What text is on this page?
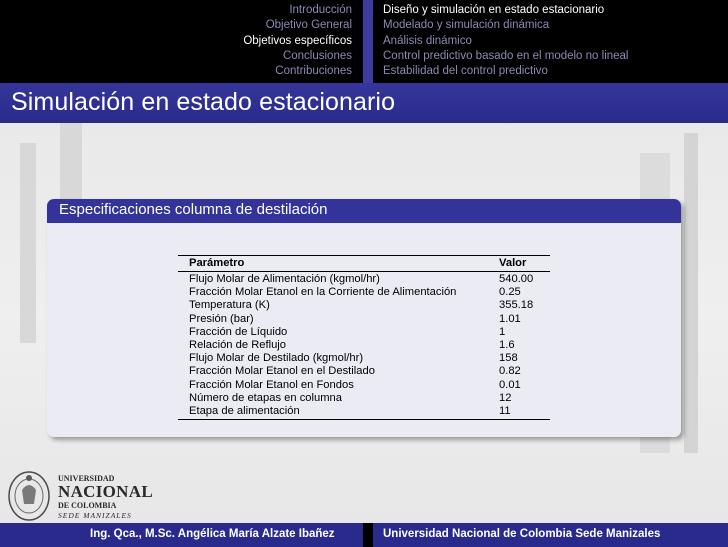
Introducción
Objetivo General
Objetivos específicos
Conclusiones
Contribuciones
Diseño y simulación en estado estacionario
Modelado y simulación dinámica
Análisis dinámico
Control predictivo basado en el modelo no lineal
Estabilidad del control predictivo
Simulación en estado estacionario
Especificaciones columna de destilación
Parámetro	Valor
Flujo Molar de Alimentación (kgmol/hr)	540.00
Fracción Molar Etanol en la Corriente de Alimentación	0.25
Temperatura (K)	355.18
Presión (bar)	1.01
Fracción de Líquido	1
Relación de Reflujo	1.6
Flujo Molar de Destilado (kgmol/hr)	158
Fracción Molar Etanol en el Destilado	0.82
Fracción Molar Etanol en Fondos	0.01
Número de etapas en columna	12
Etapa de alimentación	11
UNIVERSIDAD
NACIONAL
DE COLOMBIA
SEDE MANIZALES
Ing. Qca., M.Sc. Angélica María Alzate Ibañez	Universidad Nacional de Colombia Sede Manizales
